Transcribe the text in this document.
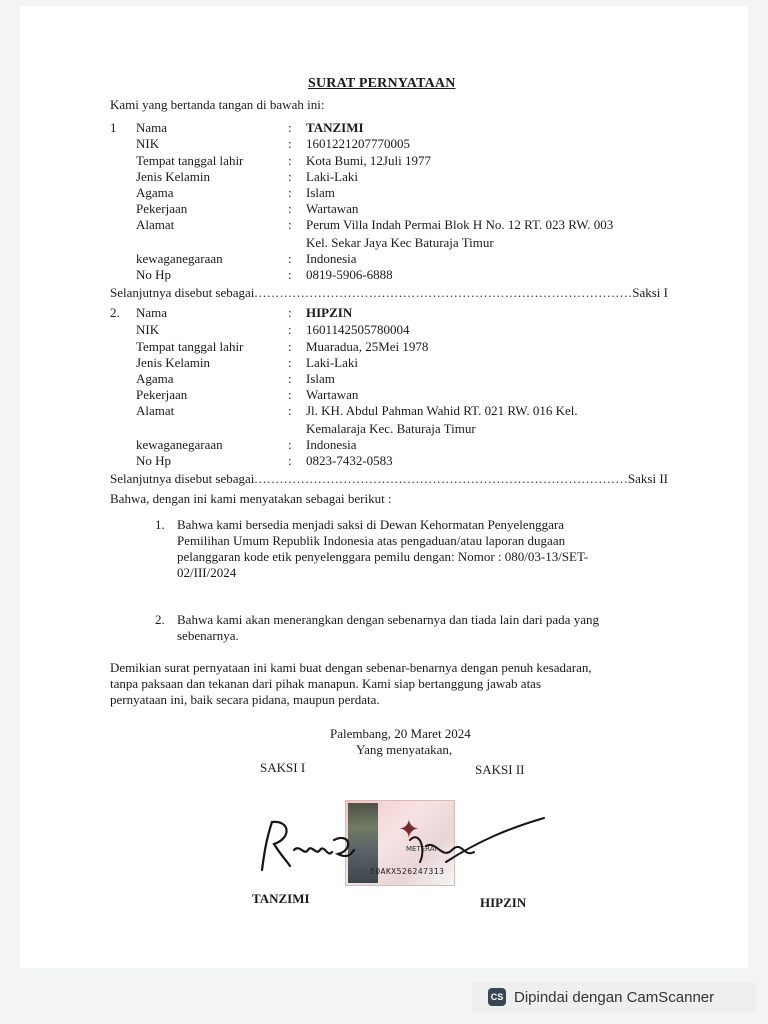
SURAT PERNYATAAN
Kami yang bertanda tangan di bawah ini:
1	Nama	:	TANZIMI
NIK	:	1601221207770005
Tempat tanggal lahir	:	Kota Bumi, 12Juli 1977
Jenis Kelamin	:	Laki-Laki
Agama	:	Islam
Pekerjaan	:	Wartawan
Alamat	:	Perum Villa Indah Permai Blok H No. 12 RT. 023 RW. 003
Kel. Sekar Jaya Kec Baturaja Timur
kewaganegaraan	:	Indonesia
No Hp	:	0819-5906-6888
Selanjutnya disebut sebagai .....	Saksi I
2.	Nama	:	HIPZIN
NIK	:	1601142505780004
Tempat tanggal lahir	:	Muaradua, 25Mei 1978
Jenis Kelamin	:	Laki-Laki
Agama	:	Islam
Pekerjaan	:	Wartawan
Alamat	:	Jl. KH. Abdul Pahman Wahid RT. 021 RW. 016 Kel.
Kemalaraja Kec. Baturaja Timur
kewaganegaraan	:	Indonesia
No Hp	:	0823-7432-0583
Selanjutnya disebut sebagai .....	Saksi II
Bahwa, dengan ini kami menyatakan sebagai berikut :
1. Bahwa kami bersedia menjadi saksi di Dewan Kehormatan Penyelenggara
Pemilihan Umum Republik Indonesia atas pengaduan/atau laporan dugaan
pelanggaran kode etik penyelenggara pemilu dengan: Nomor : 080/03-13/SET-
02/III/2024
2. Bahwa kami akan menerangkan dengan sebenarnya dan tiada lain dari pada yang
sebenarnya.
Demikian surat pernyataan ini kami buat dengan sebenar-benarnya dengan penuh kesadaran,
tanpa paksaan dan tekanan dari pihak manapun. Kami siap bertanggung jawab atas
pernyataan ini, baik secara pidana, maupun perdata.
Palembang, 20 Maret 2024
Yang menyatakan,
SAKSI I	SAKSI II
✦
METERAI
50AKX526247313
TANZIMI	HIPZIN
CS Dipindai dengan CamScanner
